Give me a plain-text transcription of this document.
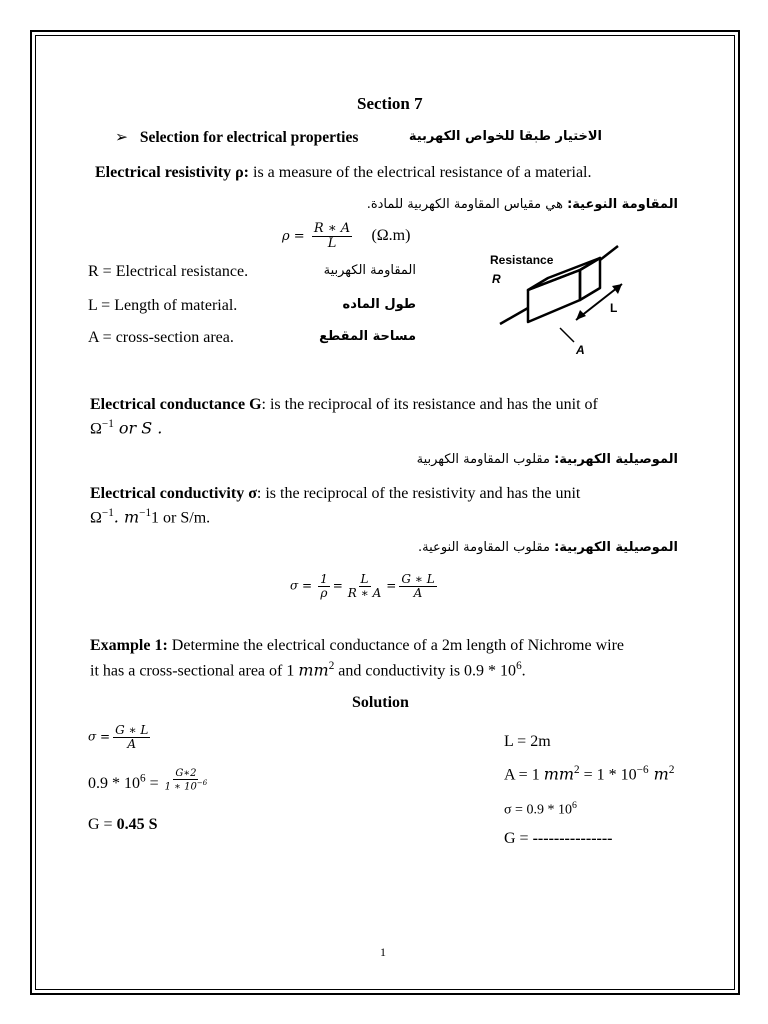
Section 7
➢ Selection for electrical properties	الاختيار طبقا للخواص الكهربية
Electrical resistivity ρ: is a measure of the electrical resistance of a material.
المقاومة النوعية: هي مقياس المقاومة الكهربية للمادة.
$\rho = \frac{R ∗ A}{L} (\Omega.m)$
R = Electrical resistance.	المقاومة الكهربية
L = Length of material.	طول الماده
A = cross-section area.	مساحة المقطع
Resistance
R
L
A
Electrical conductance G: is the reciprocal of its resistance and has the unit of
$\Omega^{-1}$ or S .
الموصيلية الكهربية: مقلوب المقاومة الكهربية
Electrical conductivity σ: is the reciprocal of the resistivity and has the unit
$\Omega^{-1}$. $m^{-1}1$ or S/m.
الموصيلية الكهربية: مقلوب المقاومة النوعية.
$\sigma = \frac{1}{\rho} = \frac{L}{R ∗ A} = \frac{G ∗ L}{A}$
Example 1: Determine the electrical conductance of a 2m length of Nichrome wire
it has a cross-sectional area of 1 $mm^2$ and conductivity is $0.9 * 10^6$.
Solution
$\sigma = \frac{G ∗ L}{A}$
$0.9 * 10^6 = \frac{G∗2}{1 ∗ 10^{-6}}$
G = 0.45 S
L = 2m
A = 1 $mm^2 = 1 * 10^{-6}$ $m^2$
$\sigma = 0.9 * 10^6$
G = ---------------
1
